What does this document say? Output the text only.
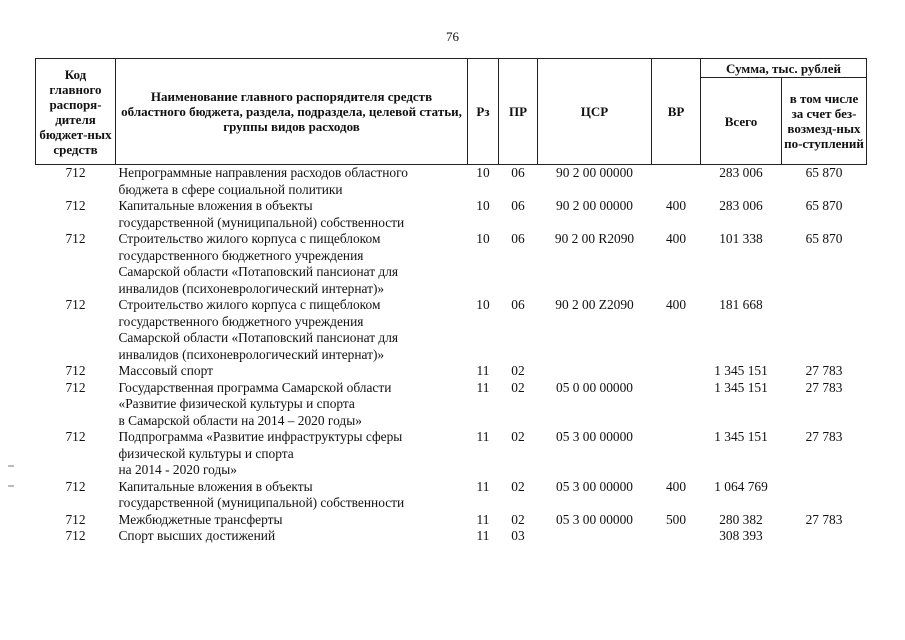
76
Код главного распоря-дителя бюджет-ных средств	Наименование главного распорядителя средств областного бюджета, раздела, подраздела, целевой статьи, группы видов расходов	Рз	ПР	ЦСР	ВР	Сумма, тыс. рублей	
						Всего	в том числе за счет без-возмезд-ных по-ступлений
712	Непрограммные направления расходов областного
бюджета в сфере социальной политики	10	06	90 2 00 00000		283 006	65 870
712	Капитальные вложения в объекты
государственной (муниципальной) собственности	10	06	90 2 00 00000	400	283 006	65 870
712	Строительство жилого корпуса с пищеблоком
государственного бюджетного учреждения
Самарской области «Потаповский пансионат для
инвалидов (психоневрологический интернат)»	10	06	90 2 00 R2090	400	101 338	65 870
712	Строительство жилого корпуса с пищеблоком
государственного бюджетного учреждения
Самарской области «Потаповский пансионат для
инвалидов (психоневрологический интернат)»	10	06	90 2 00 Z2090	400	181 668	
712	Массовый спорт	11	02			1 345 151	27 783
712	Государственная программа Самарской области
«Развитие физической культуры и спорта
в Самарской области на 2014 – 2020 годы»	11	02	05 0 00 00000		1 345 151	27 783
712	Подпрограмма «Развитие инфраструктуры сферы
физической культуры и спорта
на 2014 - 2020 годы»	11	02	05 3 00 00000		1 345 151	27 783
712	Капитальные вложения в объекты
государственной (муниципальной) собственности	11	02	05 3 00 00000	400	1 064 769	
712	Межбюджетные трансферты	11	02	05 3 00 00000	500	280 382	27 783
712	Спорт высших достижений	11	03			308 393	
